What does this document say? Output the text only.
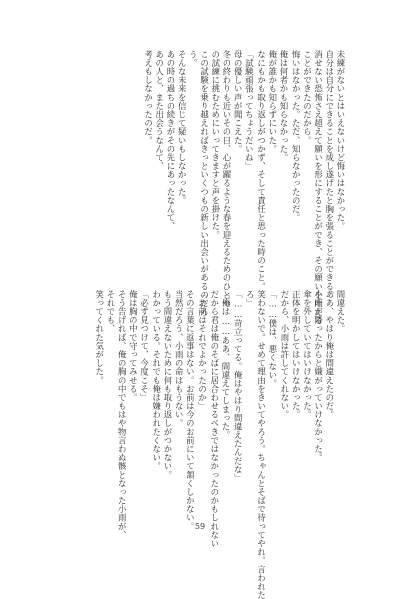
未練がないとはいえないけど悔いはなかった。
自分は自分にできることを成し遂げたと胸を張ることができる。
消せない恐怖さえ超えて願いを形にすることができ、その願いを叶える
ことができたのだから。
悔いはなかった。ただ、知らなかったのだ。
俺は何者かも知らなかった。
俺が誰かも知らずにいた。
なにもかも取り返しがつかず、そして責任と思った時のこと。
「試験頑張ってちょうだいね」
母の優しい声が聞こえた。
冬の終わりも近いその日、心が躍るような春を迎えるためのひとつ
の試練に挑むためにいってきますと声を掛けた。
この試験を乗り越えればきっといくつもの新しい出会いがあるのだろ
う。
そんな未来を信じて疑いもしなかった。
あの時の過ちの続きがその先にあったなんて、
あの人と、また出会うなんて、
考えもしなかったのだ。
間違えた。
ああ、やはり俺は間違えたのだ。
小雨が降ったからと嫌がっていけなかった。
傘を外していてはいけなかった。
正体を明かしてはいけなかった。
だから、小雨は許してくれない。
「……僕は、悪くない。
笑わないで。せめて理由をきいてやろう。ちゃんとそばで待ってやれ。言われた
ろ」
「……苛立ってる。俺はやはり間違えたんだな」
「俺は……ああ、間違えてしまった。
だから君は俺のそばに居合わせるべきではなかったのかもしれない
「お前はそれでよかったのか」
その言葉に返事はない。お前は今のお前にいて頷くしかない。
当然だろう、小雨の命はもうない。
もう間違えないために何も取り返しがつかない。
わかっている。それでも俺は嫌われたくない。
「必ず見つけて、今度こそ」
俺は胸の中で守ってみせる。
そう告げれば、俺の胸の中でもはや物言わぬ骸となった小雨が、
それでも、
笑ってくれた気がした。
59
